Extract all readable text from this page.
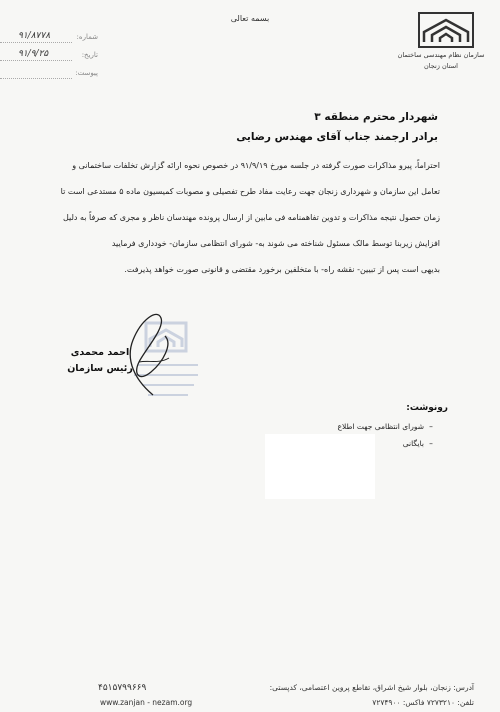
سازمان نظام مهندسی ساختمان
استان زنجان
بسمه تعالی
شماره:
۹۱/۸۷۷۸
تاریخ:
۹۱/۹/۲۵
پیوست:
شهردار محترم منطقه ۳
برادر ارجمند جناب آقای مهندس رضایی
احتراماً، پیرو مذاکرات صورت گرفته در جلسه مورخ ۹۱/۹/۱۹ در خصوص نحوه ارائه گزارش تخلفات ساختمانی و
تعامل این سازمان و شهرداری زنجان جهت رعایت مفاد طرح تفصیلی و مصوبات کمیسیون ماده ۵ مستدعی است تا
زمان حصول نتیجه مذاکرات و تدوین تفاهمنامه فی مابین از ارسال پرونده مهندسان ناظر و مجری که صرفاً به دلیل
افزایش زیربنا توسط مالک مسئول شناخته می شوند به- شورای انتظامی سازمان- خودداری فرمایید
بدیهی است پس از تبیین- نقشه راه- با متخلفین برخورد مقتضی و قانونی صورت خواهد پذیرفت.
احمد محمدی
رئیس سازمان
رونوشت:
–شورای انتظامی جهت اطلاع
–بایگانی
آدرس: زنجان، بلوار شیخ اشراق، تقاطع پروین اعتصامی، کدپستی:
۴۵۱۵۷۹۹۶۶۹
تلفن: ۷۲۷۳۲۱۰ فاکس: ۷۲۷۴۹۰۰
www.zanjan - nezam.org
